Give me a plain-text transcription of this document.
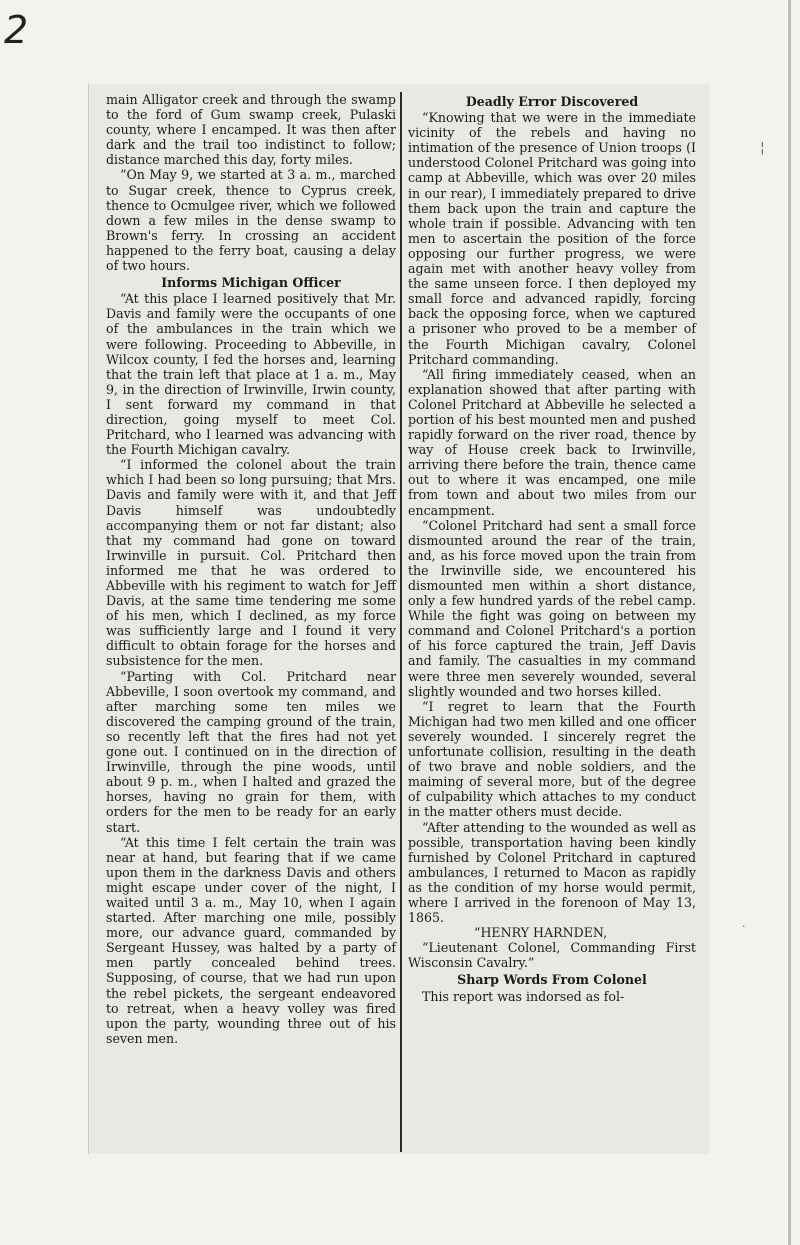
2

main Alligator creek and through the swamp to the ford of Gum swamp creek, Pulaski county, where I encamped. It was then after dark and the trail too indistinct to follow; distance marched this day, forty miles.

“On May 9, we started at 3 a. m., marched to Sugar creek, thence to Cyprus creek, thence to Ocmulgee river, which we followed down a few miles in the dense swamp to Brown's ferry. In crossing an accident happened to the ferry boat, causing a delay of two hours.

Informs Michigan Officer

“At this place I learned positively that Mr. Davis and family were the occupants of one of the ambulances in the train which we were following. Proceeding to Abbeville, in Wilcox county, I fed the horses and, learning that the train left that place at 1 a. m., May 9, in the direction of Irwinville, Irwin county, I sent forward my command in that direction, going myself to meet Col. Pritchard, who I learned was advancing with the Fourth Michigan cavalry.

“I informed the colonel about the train which I had been so long pursuing; that Mrs. Davis and family were with it, and that Jeff Davis himself was undoubtedly accompanying them or not far distant; also that my command had gone on toward Irwinville in pursuit. Col. Pritchard then informed me that he was ordered to Abbeville with his regiment to watch for Jeff Davis, at the same time tendering me some of his men, which I declined, as my force was sufficiently large and I found it very difficult to obtain forage for the horses and subsistence for the men.

“Parting with Col. Pritchard near Abbeville, I soon overtook my command, and after marching some ten miles we discovered the camping ground of the train, so recently left that the fires had not yet gone out. I continued on in the direction of Irwinville, through the pine woods, until about 9 p. m., when I halted and grazed the horses, having no grain for them, with orders for the men to be ready for an early start.

“At this time I felt certain the train was near at hand, but fearing that if we came upon them in the darkness Davis and others might escape under cover of the night, I waited until 3 a. m., May 10, when I again started. After marching one mile, possibly more, our advance guard, commanded by Sergeant Hussey, was halted by a party of men partly concealed behind trees. Supposing, of course, that we had run upon the rebel pickets, the sergeant endeavored to retreat, when a heavy volley was fired upon the party, wounding three out of his seven men.

Deadly Error Discovered

“Knowing that we were in the immediate vicinity of the rebels and having no intimation of the presence of Union troops (I understood Colonel Pritchard was going into camp at Abbeville, which was over 20 miles in our rear), I immediately prepared to drive them back upon the train and capture the whole train if possible. Advancing with ten men to ascertain the position of the force opposing our further progress, we were again met with another heavy volley from the same unseen force. I then deployed my small force and advanced rapidly, forcing back the opposing force, when we captured a prisoner who proved to be a member of the Fourth Michigan cavalry, Colonel Pritchard commanding.

“All firing immediately ceased, when an explanation showed that after parting with Colonel Pritchard at Abbeville he selected a portion of his best mounted men and pushed rapidly forward on the river road, thence by way of House creek back to Irwinville, arriving there before the train, thence came out to where it was encamped, one mile from town and about two miles from our encampment.

“Colonel Pritchard had sent a small force dismounted around the rear of the train, and, as his force moved upon the train from the Irwinville side, we encountered his dismounted men within a short distance, only a few hundred yards of the rebel camp. While the fight was going on between my command and Colonel Pritchard's a portion of his force captured the train, Jeff Davis and family. The casualties in my command were three men severely wounded, several slightly wounded and two horses killed.

“I regret to learn that the Fourth Michigan had two men killed and one officer severely wounded. I sincerely regret the unfortunate collision, resulting in the death of two brave and noble soldiers, and the maiming of several more, but of the degree of culpability which attaches to my conduct in the matter others must decide.

“After attending to the wounded as well as possible, transportation having been kindly furnished by Colonel Pritchard in captured ambulances, I returned to Macon as rapidly as the condition of my horse would permit, where I arrived in the forenoon of May 13, 1865.

“HENRY HARNDEN,

“Lieutenant Colonel, Commanding First Wisconsin Cavalry.”

Sharp Words From Colonel

This report was indorsed as fol-

¦
·
